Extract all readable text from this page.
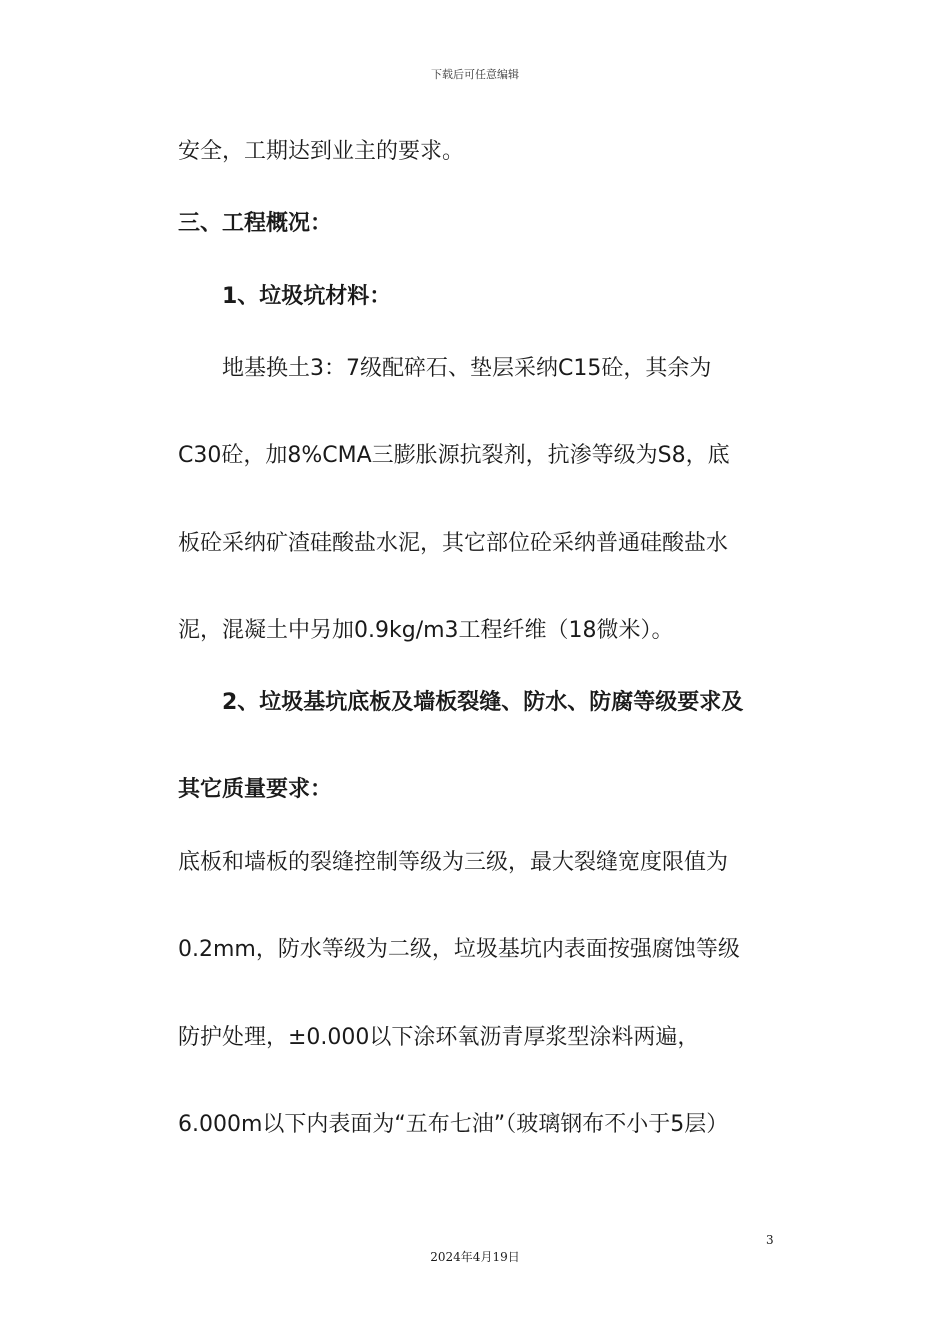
下载后可任意编辑
安全，工期达到业主的要求。
三、工程概况：
1、垃圾坑材料：
地基换土3：7级配碎石、垫层采纳C15砼，其余为
C30砼，加8%CMA三膨胀源抗裂剂，抗渗等级为S8，底
板砼采纳矿渣硅酸盐水泥，其它部位砼采纳普通硅酸盐水
泥，混凝土中另加0.9kg/m3工程纤维（18微米）。
2、垃圾基坑底板及墙板裂缝、防水、防腐等级要求及
其它质量要求：
底板和墙板的裂缝控制等级为三级，最大裂缝宽度限值为
0.2mm，防水等级为二级，垃圾基坑内表面按强腐蚀等级
防护处理，±0.000以下涂环氧沥青厚浆型涂料两遍，
6.000m以下内表面为“五布七油”（玻璃钢布不小于5层）
3
2024年4月19日
